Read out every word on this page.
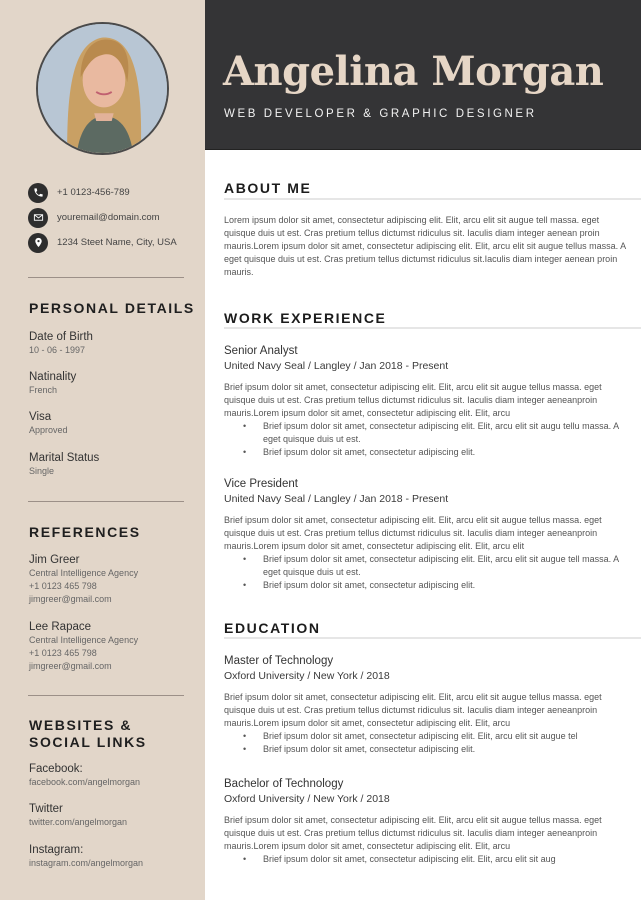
+1 0123-456-789
youremail@domain.com
1234 Steet Name, City, USA
PERSONAL DETAILS
Date of Birth
10 - 06 - 1997
Natinality
French
Visa
Approved
Marital Status
Single
REFERENCES
Jim Greer
Central Intelligence Agency
+1 0123 465 798
jimgreer@gmail.com
Lee Rapace
Central Intelligence Agency
+1 0123 465 798
jimgreer@gmail.com
WEBSITES &
SOCIAL LINKS
Facebook:
facebook.com/angelmorgan
Twitter
twitter.com/angelmorgan
Instagram:
instagram.com/angelmorgan
Angelina Morgan
WEB DEVELOPER & GRAPHIC DESIGNER
ABOUT ME

Lorem ipsum dolor sit amet, consectetur adipiscing elit. Elit, arcu elit sit augue tell massa. eget quisque duis ut est. Cras pretium tellus dictumst ridiculus sit. Iaculis diam integer aenean proin mauris.Lorem ipsum dolor sit amet, consectetur adipiscing elit. Elit, arcu elit sit augue tellus massa. A eget quisque duis ut est. Cras pretium tellus dictumst ridiculus sit.Iaculis diam integer aenean proin mauris.

WORK EXPERIENCE
Senior Analyst
United Navy Seal / Langley / Jan 2018 - Present

Brief ipsum dolor sit amet, consectetur adipiscing elit. Elit, arcu elit sit augue tellus massa. eget quisque duis ut est. Cras pretium tellus dictumst ridiculus sit. Iaculis diam integer aeneanproin mauris.Lorem ipsum dolor sit amet, consectetur adipiscing elit. Elit, arcu

• Brief ipsum dolor sit amet, consectetur adipiscing elit. Elit, arcu elit sit augu tellu massa. A eget quisque duis ut est.
• Brief ipsum dolor sit amet, consectetur adipiscing elit.
Vice President
United Navy Seal / Langley / Jan 2018 - Present

Brief ipsum dolor sit amet, consectetur adipiscing elit. Elit, arcu elit sit augue tellus massa. eget quisque duis ut est. Cras pretium tellus dictumst ridiculus sit. Iaculis diam integer aeneanproin mauris.Lorem ipsum dolor sit amet, consectetur adipiscing elit. Elit, arcu elit

• Brief ipsum dolor sit amet, consectetur adipiscing elit. Elit, arcu elit sit augue tell massa. A eget quisque duis ut est.
• Brief ipsum dolor sit amet, consectetur adipiscing elit.
EDUCATION
Master of Technology
Oxford University / New York / 2018

Brief ipsum dolor sit amet, consectetur adipiscing elit. Elit, arcu elit sit augue tellus massa. eget quisque duis ut est. Cras pretium tellus dictumst ridiculus sit. Iaculis diam integer aeneanproin mauris.Lorem ipsum dolor sit amet, consectetur adipiscing elit. Elit, arcu

• Brief ipsum dolor sit amet, consectetur adipiscing elit. Elit, arcu elit sit augue tel
• Brief ipsum dolor sit amet, consectetur adipiscing elit.
Bachelor of Technology
Oxford University / New York / 2018

Brief ipsum dolor sit amet, consectetur adipiscing elit. Elit, arcu elit sit augue tellus massa. eget quisque duis ut est. Cras pretium tellus dictumst ridiculus sit. Iaculis diam integer aeneanproin mauris.Lorem ipsum dolor sit amet, consectetur adipiscing elit. Elit, arcu

• Brief ipsum dolor sit amet, consectetur adipiscing elit. Elit, arcu elit sit aug
